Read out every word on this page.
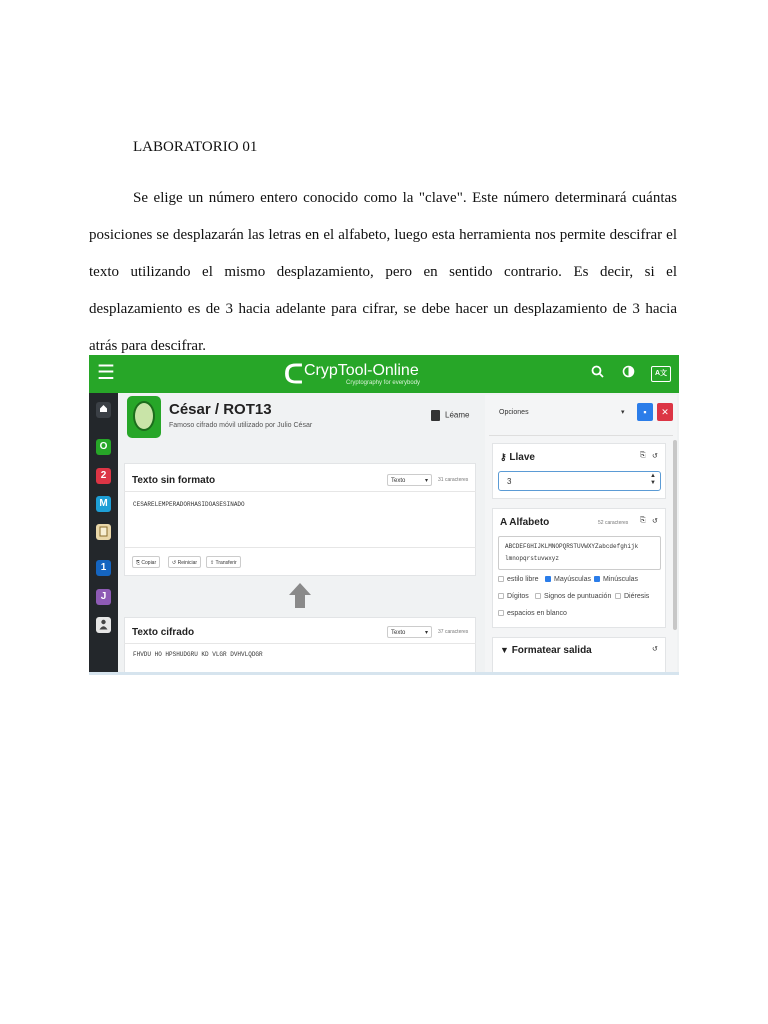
LABORATORIO 01

Se elige un número entero conocido como la "clave". Este número determinará cuántas posiciones se desplazarán las letras en el alfabeto, luego esta herramienta nos permite descifrar el texto utilizando el mismo desplazamiento, pero en sentido contrario. Es decir, si el desplazamiento es de 3 hacia adelante para cifrar, se debe hacer un desplazamiento de 3 hacia atrás para descifrar.

☰	ᑕ CrypTool-Online
Cryptography for everybody
A文
O
2
M
1
J
César / ROT13
Famoso cifrado móvil utilizado por Julio César
Léame
Texto sin formato	Texto	▾ 31 caracteres
CESARELEMPERADORHASIDOASESINADO
⎘ Copiar	↺ Reiniciar	⇪ Transferir
Texto cifrado	Texto	▾ 37 caracteres
FHVDU HO HPSHUDGRU KD VLGR DVHVLQDGR
Opciones	▾	▪	✕
⚷ Llave	⎘ ↺
3
▲
▼
A Alfabeto	52 caracteres ⎘ ↺
ABCDEFGHIJKLMNOPQRSTUVWXYZabcdefghijk
lmnopqrstuvwxyz
estilo libre	Mayúsculas	Minúsculas
Dígitos	Signos de puntuación	Diéresis
espacios en blanco
▼ Formatear salida	↺
